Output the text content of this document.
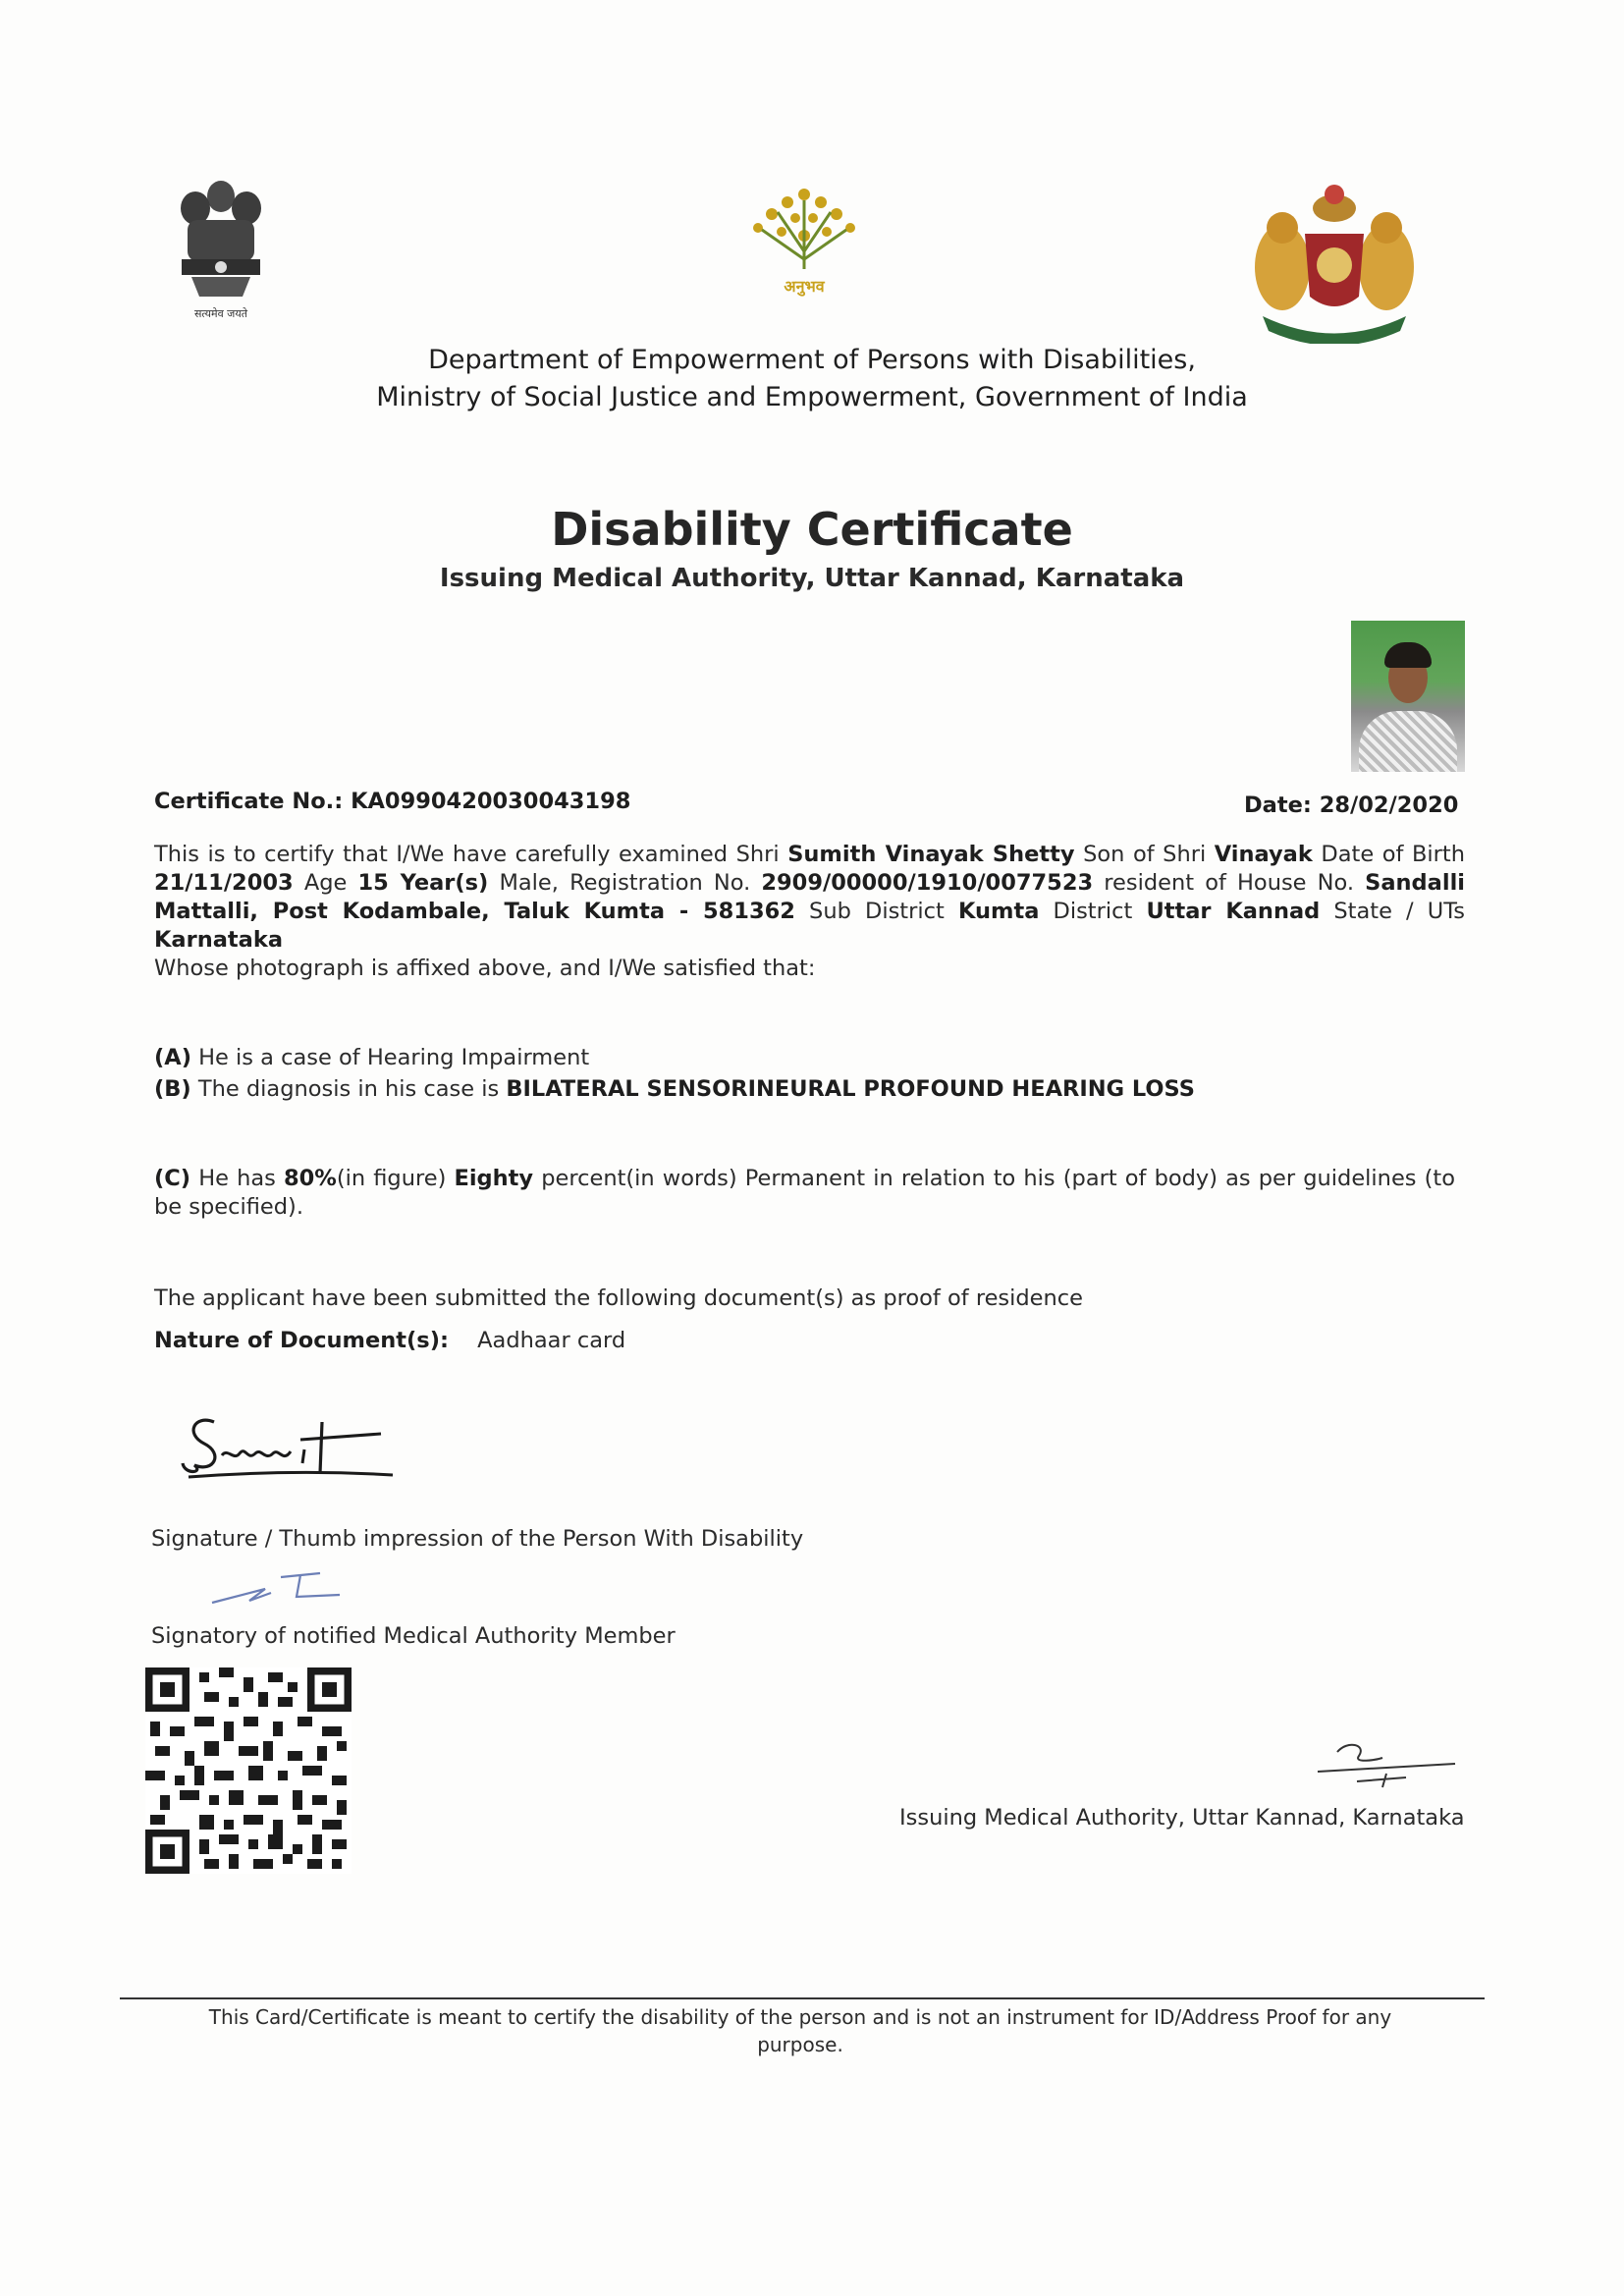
सत्यमेव जयते
अनुभव
Department of Empowerment of Persons with Disabilities,
Ministry of Social Justice and Empowerment, Government of India
Disability Certificate
Issuing Medical Authority, Uttar Kannad, Karnataka
Certificate No.: KA0990420030043198	Date: 28/02/2020
This is to certify that I/We have carefully examined Shri Sumith Vinayak Shetty Son of Shri Vinayak Date of Birth 21/11/2003 Age 15 Year(s) Male, Registration No. 2909/00000/1910/0077523 resident of House No. Sandalli Mattalli, Post Kodambale, Taluk Kumta - 581362 Sub District Kumta District Uttar Kannad State / UTs Karnataka
Whose photograph is affixed above, and I/We satisfied that:
(A) He is a case of Hearing Impairment
(B) The diagnosis in his case is BILATERAL SENSORINEURAL PROFOUND HEARING LOSS
(C) He has 80%(in figure) Eighty percent(in words) Permanent in relation to his (part of body) as per guidelines (to be specified).
The applicant have been submitted the following document(s) as proof of residence
Nature of Document(s): Aadhaar card
Signature / Thumb impression of the Person With Disability
Signatory of notified Medical Authority Member
Issuing Medical Authority, Uttar Kannad, Karnataka
This Card/Certificate is meant to certify the disability of the person and is not an instrument for ID/Address Proof for any purpose.
